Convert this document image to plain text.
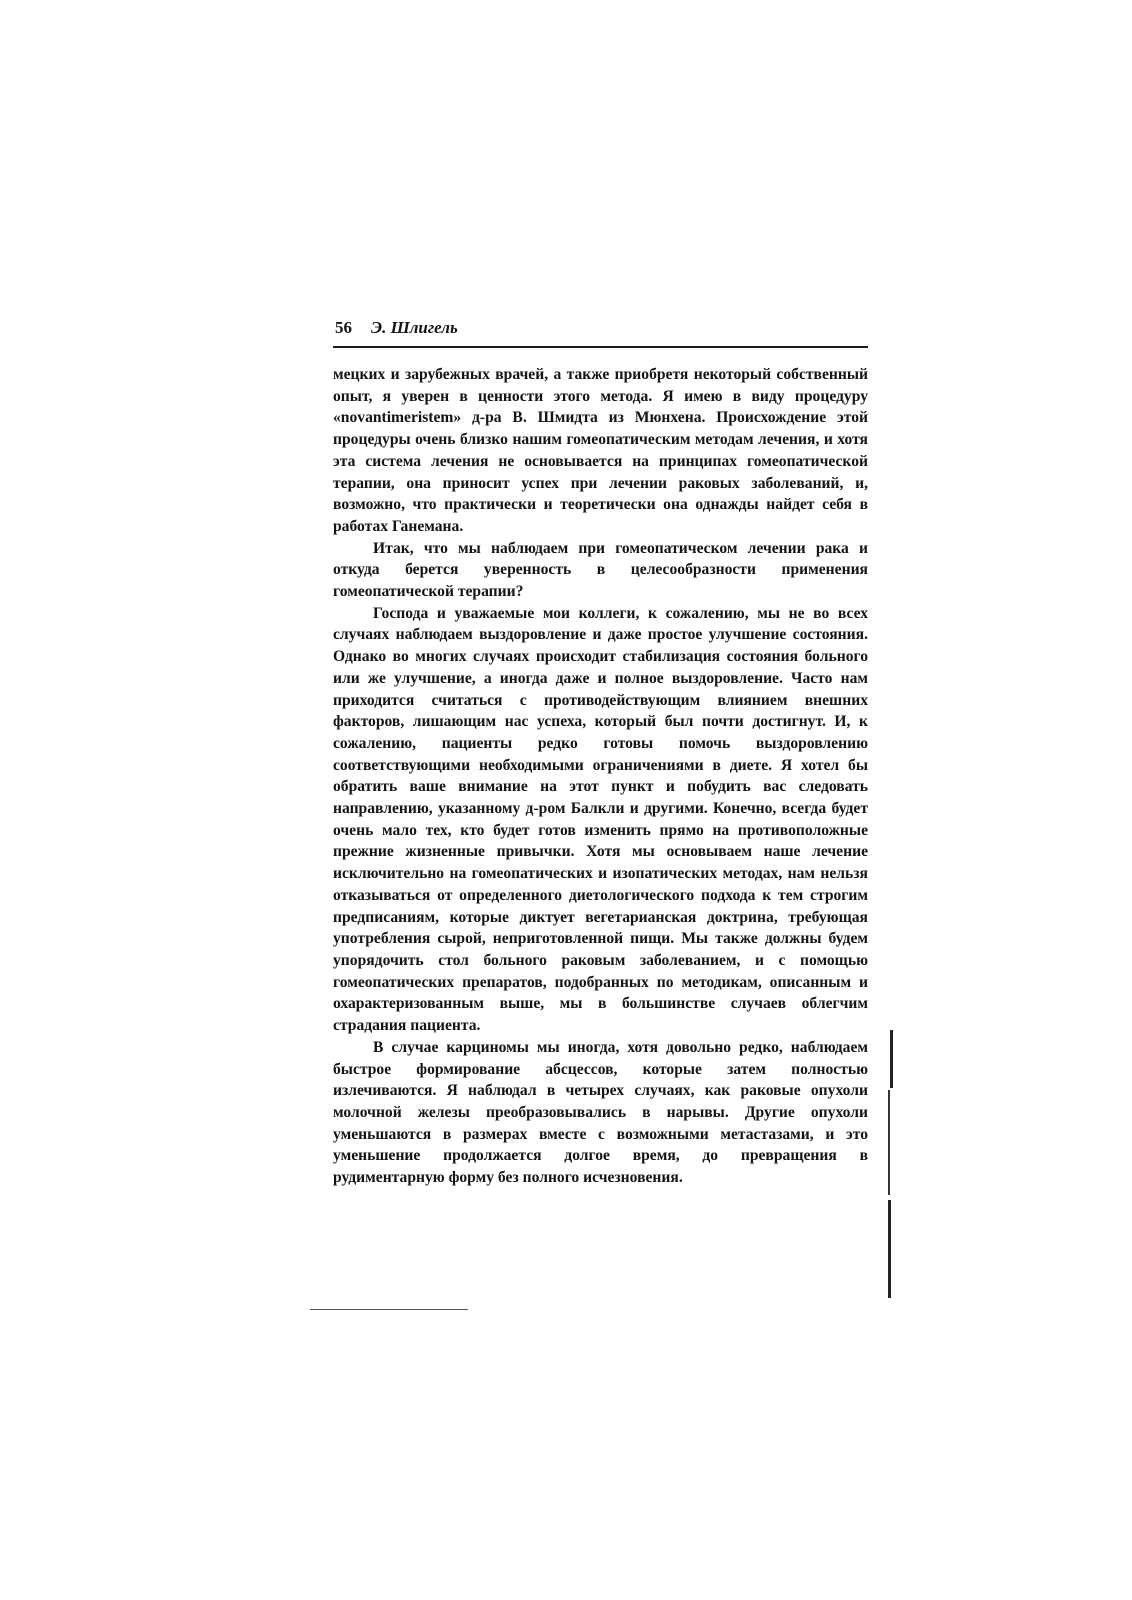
56 Э. Шлигель

мецких и зарубежных врачей, а также приобретя некоторый собственный опыт, я уверен в ценности этого метода. Я имею в виду процедуру «novantimeristem» д-ра В. Шмидта из Мюнхена. Происхождение этой процедуры очень близко нашим гомеопатическим методам лечения, и хотя эта система лечения не основывается на принципах гомеопатической терапии, она приносит успех при лечении раковых заболеваний, и, возможно, что практически и теоретически она однажды найдет себя в работах Ганемана.

Итак, что мы наблюдаем при гомеопатическом лечении рака и откуда берется уверенность в целесообразности применения гомеопатической терапии?

Господа и уважаемые мои коллеги, к сожалению, мы не во всех случаях наблюдаем выздоровление и даже простое улучшение состояния. Однако во многих случаях происходит стабилизация состояния больного или же улучшение, а иногда даже и полное выздоровление. Часто нам приходится считаться с противодействующим влиянием внешних факторов, лишающим нас успеха, который был почти достигнут. И, к сожалению, пациенты редко готовы помочь выздоровлению соответствующими необходимыми ограничениями в диете. Я хотел бы обратить ваше внимание на этот пункт и побудить вас следовать направлению, указанному д-ром Балкли и другими. Конечно, всегда будет очень мало тех, кто будет готов изменить прямо на противоположные прежние жизненные привычки. Хотя мы основываем наше лечение исключительно на гомеопатических и изопатических методах, нам нельзя отказываться от определенного диетологического подхода к тем строгим предписаниям, которые диктует вегетарианская доктрина, требующая употребления сырой, неприготовленной пищи. Мы также должны будем упорядочить стол больного раковым заболеванием, и с помощью гомеопатических препаратов, подобранных по методикам, описанным и охарактеризованным выше, мы в большинстве случаев облегчим страдания пациента.

В случае карциномы мы иногда, хотя довольно редко, наблюдаем быстрое формирование абсцессов, которые затем полностью излечиваются. Я наблюдал в четырех случаях, как раковые опухоли молочной железы преобразовывались в нарывы. Другие опухоли уменьшаются в размерах вместе с возможными метастазами, и это уменьшение продолжается долгое время, до превращения в рудиментарную форму без полного исчезновения.
